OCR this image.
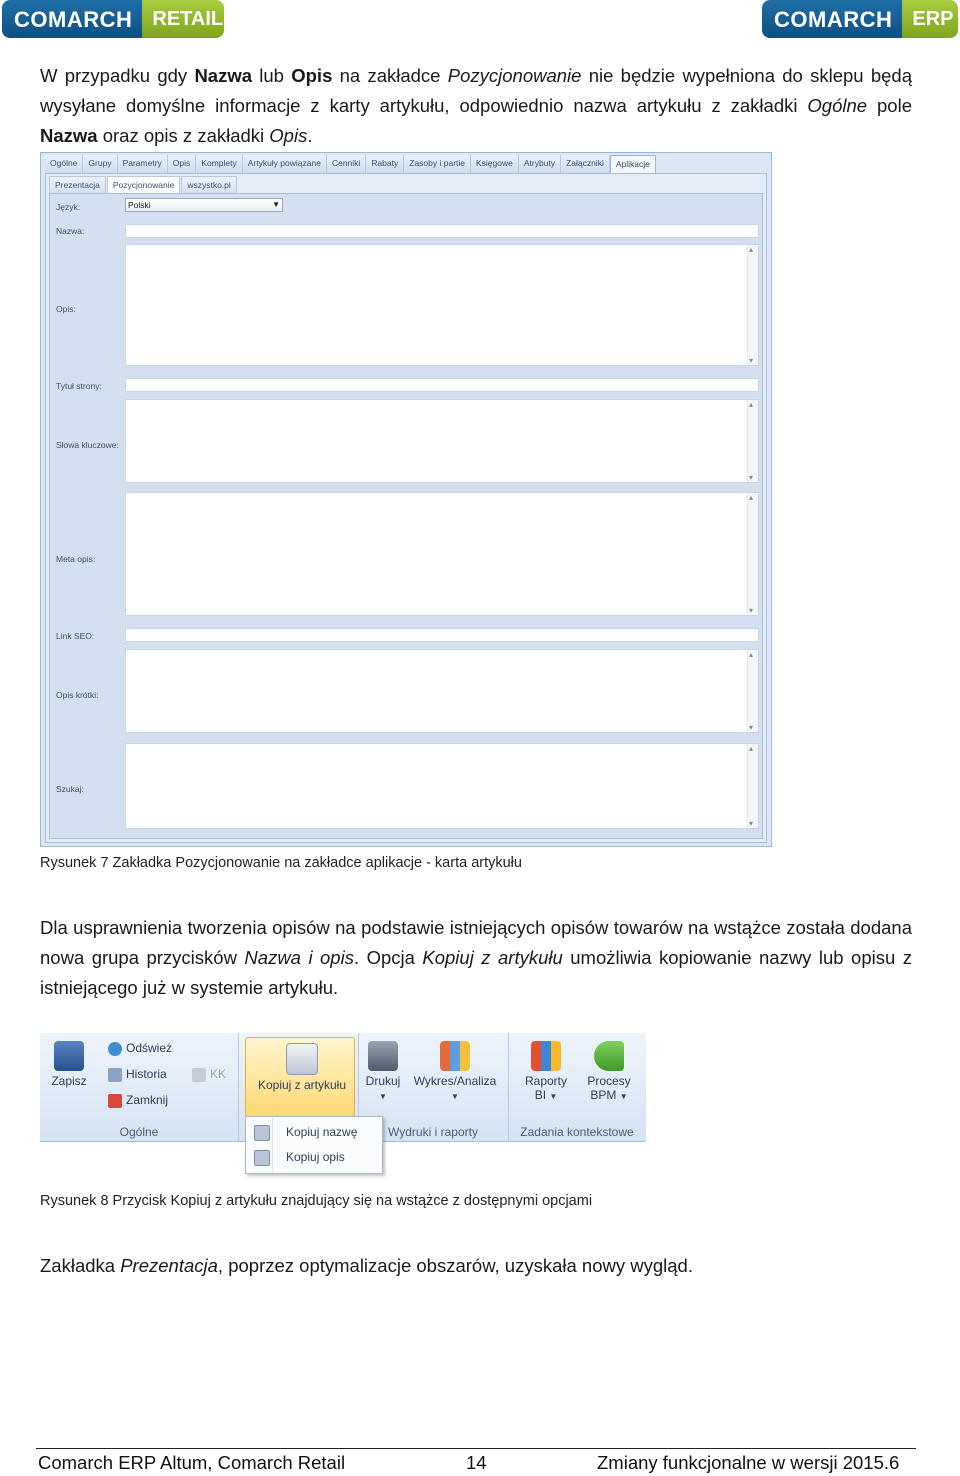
COMARCH	RETAIL	COMARCH	ERP
W przypadku gdy Nazwa lub Opis na zakładce Pozycjonowanie nie będzie wypełniona do sklepu będą wysyłane domyślne informacje z karty artykułu, odpowiednio nazwa artykułu z zakładki Ogólne pole Nazwa oraz opis z zakładki Opis.
Ogólne	Grupy	Parametry	Opis	Komplety	Artykuły powiązane	Cenniki	Rabaty	Zasoby i partie	Księgowe	Atrybuty	Załączniki	Aplikacje
Prezentacja	Pozycjonowanie	wszystko.pl
Język:	Polski	▼
Nazwa:
Opis:
▴ ▾
Tytuł strony:
Słowa kluczowe:
▴ ▾
Meta opis:
▴ ▾
Link SEO:
Opis krótki:
▴ ▾
Szukaj:
▴ ▾
Rysunek 7 Zakładka Pozycjonowanie na zakładce aplikacje - karta artykułu
Dla usprawnienia tworzenia opisów na podstawie istniejących opisów towarów na wstążce została dodana nowa grupa przycisków Nazwa i opis. Opcja Kopiuj z artykułu umożliwia kopiowanie nazwy lub opisu z istniejącego już w systemie artykułu.

Zapisz
Odśwież
Historia
Zamknij
KK
Ogólne

Kopiuj z artykułu	Drukuj
▼

Wykres/Analiza
▼
Wydruki i raporty

Raporty
BI ▼

Procesy
BPM ▼
Zadania kontekstowe
Kopiuj nazwę
Kopiuj opis
Rysunek 8 Przycisk Kopiuj z artykułu znajdujący się na wstążce z dostępnymi opcjami
Zakładka Prezentacja, poprzez optymalizacje obszarów, uzyskała nowy wygląd.
Comarch ERP Altum, Comarch Retail	14	Zmiany funkcjonalne w wersji 2015.6
